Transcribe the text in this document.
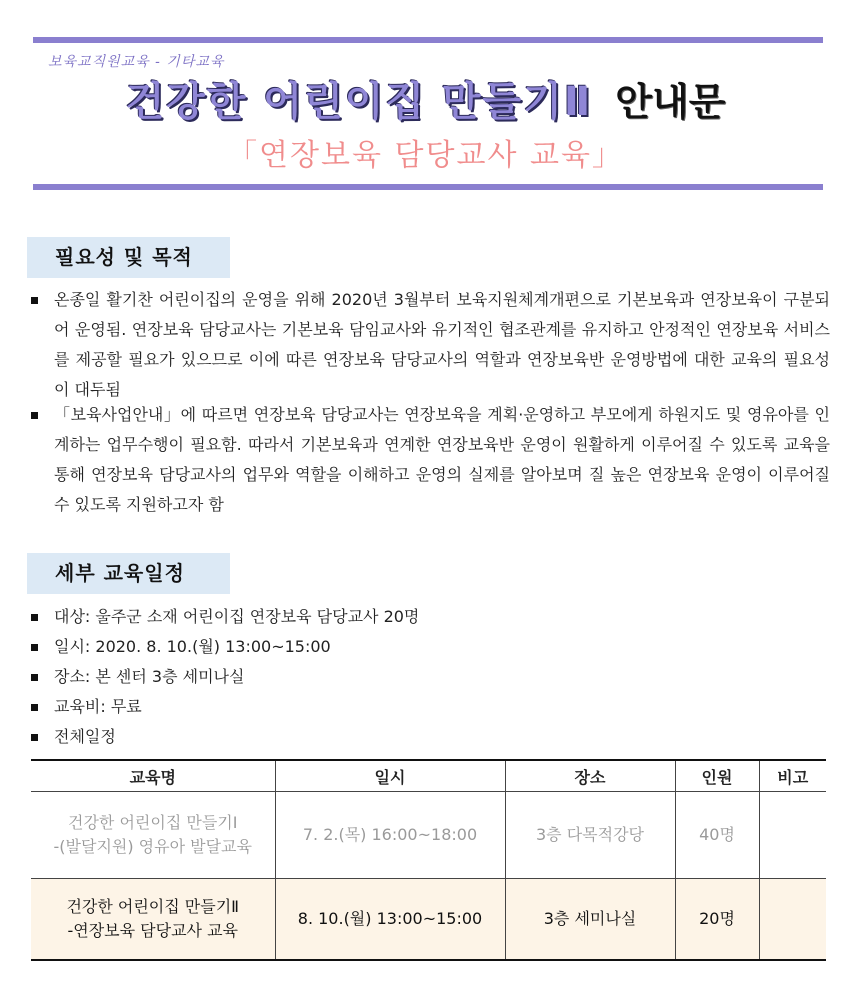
보육교직원교육 - 기타교육
건강한 어린이집 만들기Ⅱ 안내문
「연장보육 담당교사 교육」
필요성 및 목적
온종일 활기찬 어린이집의 운영을 위해 2020년 3월부터 보육지원체계개편으로 기본보육과 연장보육이 구분되어 운영됨. 연장보육 담당교사는 기본보육 담임교사와 유기적인 협조관계를 유지하고 안정적인 연장보육 서비스를 제공할 필요가 있으므로 이에 따른 연장보육 담당교사의 역할과 연장보육반 운영방법에 대한 교육의 필요성이 대두됨
「보육사업안내」에 따르면 연장보육 담당교사는 연장보육을 계획·운영하고 부모에게 하원지도 및 영유아를 인계하는 업무수행이 필요함. 따라서 기본보육과 연계한 연장보육반 운영이 원활하게 이루어질 수 있도록 교육을 통해 연장보육 담당교사의 업무와 역할을 이해하고 운영의 실제를 알아보며 질 높은 연장보육 운영이 이루어질 수 있도록 지원하고자 함
세부 교육일정
대상: 울주군 소재 어린이집 연장보육 담당교사 20명
일시: 2020. 8. 10.(월) 13:00~15:00
장소: 본 센터 3층 세미나실
교육비: 무료
전체일정
교육명	일시	장소	인원	비고

건강한 어린이집 만들기Ⅰ
-(발달지원) 영유아 발달교육	7. 2.(목) 16:00~18:00	3층 다목적강당	40명	

건강한 어린이집 만들기Ⅱ
-연장보육 담당교사 교육	8. 10.(월) 13:00~15:00	3층 세미나실	20명	
